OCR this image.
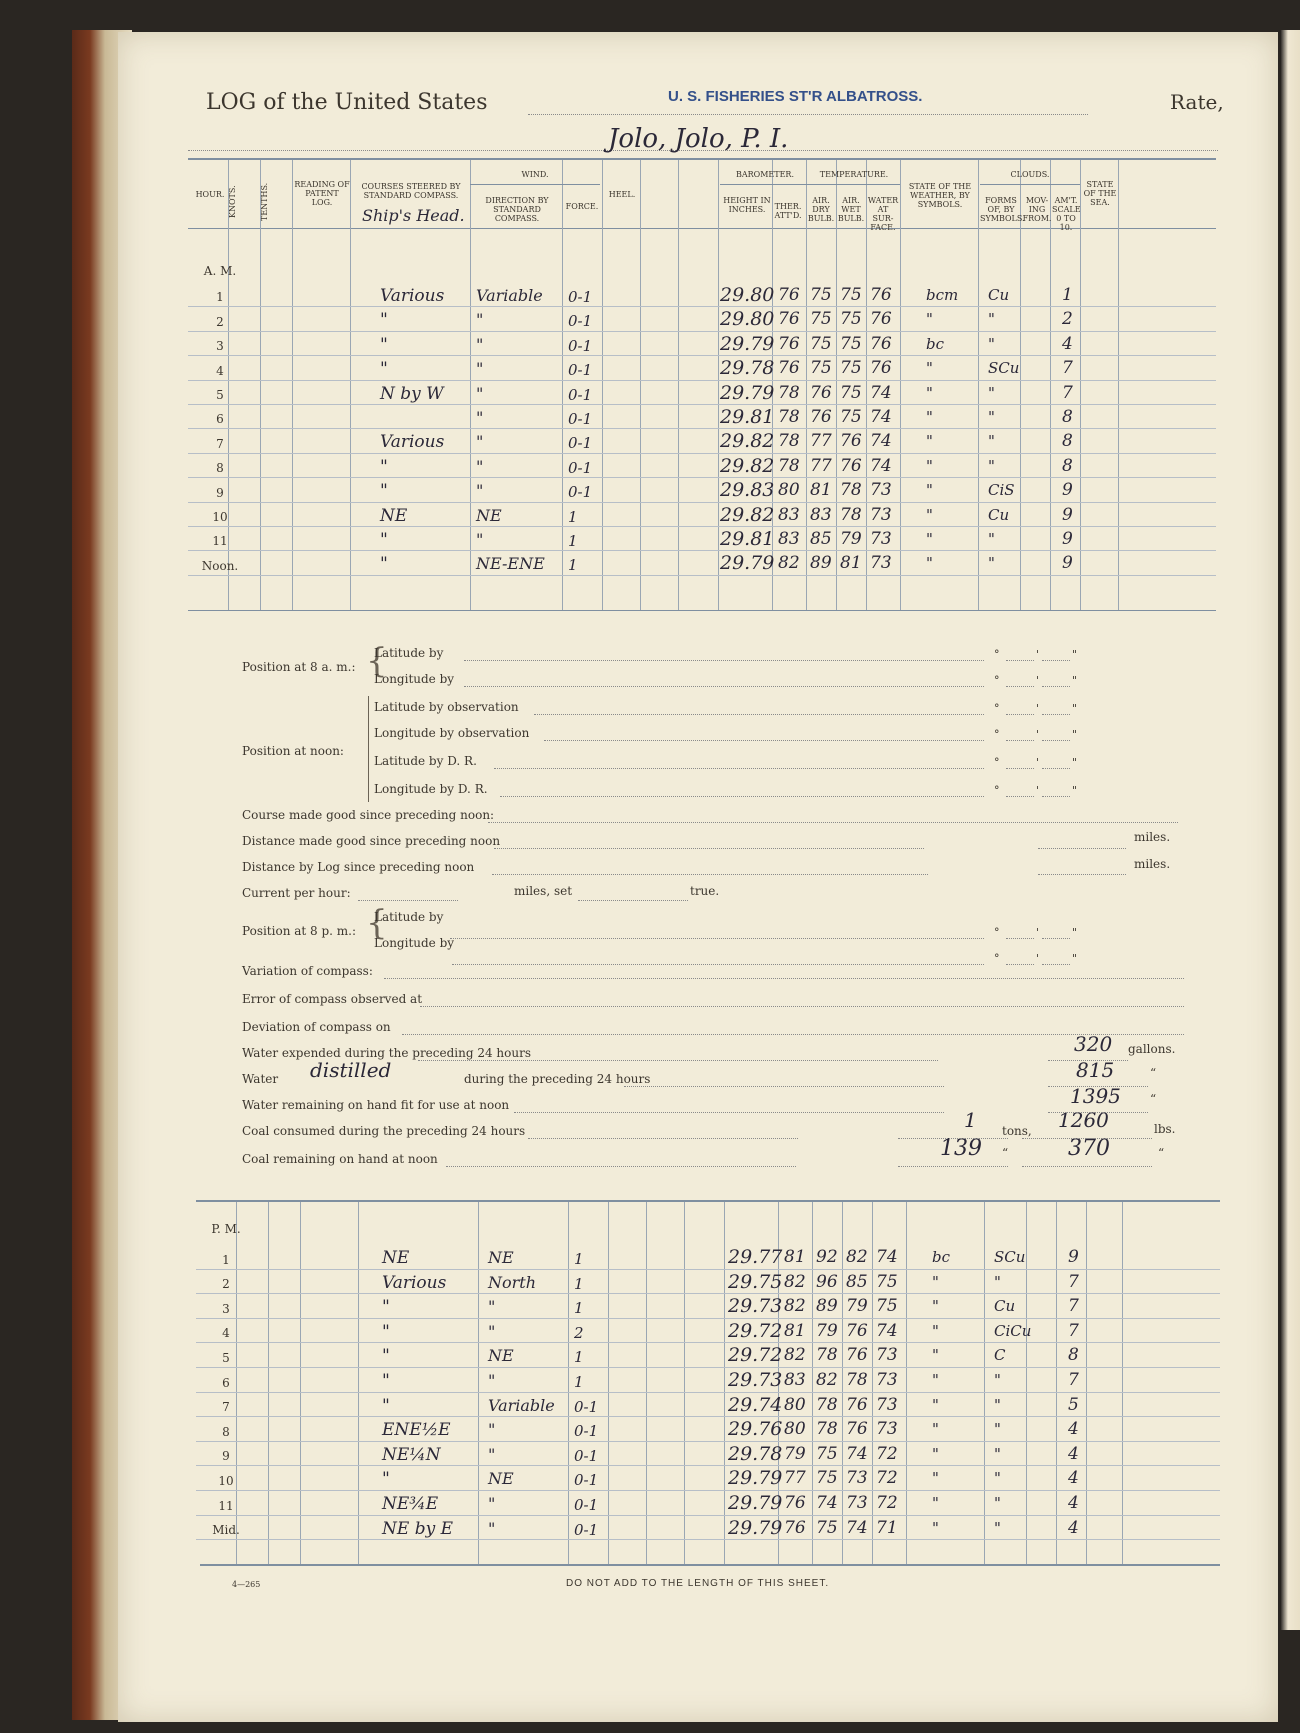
LOG of the United States	U. S. FISHERIES ST'R ALBATROSS.	Rate,
Jolo, Jolo, P. I.
HOUR. KNOTS.	TENTHS.	READING OF PATENT LOG.
COURSES STEERED BY STANDARD COMPASS.
Ship's Head.
WIND.
DIRECTION BY STANDARD COMPASS.
FORCE.
HEEL.
BAROMETER.
HEIGHT IN INCHES.	THER. ATT'D.
TEMPERATURE.
AIR. DRY BULB.
AIR. WET BULB.
WATER AT SUR-FACE.
STATE OF THE WEATHER, BY SYMBOLS.
CLOUDS.
FORMS OF, BY SYMBOLS.
MOV-ING FROM.
AM'T. SCALE 0 TO 10.
STATE OF THE SEA.
A. M.
1	Various Variable 0-1	29.80 76 75 75 76 bcm Cu	1
2	"	"	0-1	29.80 76 75 75 76 "	"	2
3	"	"	0-1	29.79 76 75 75 76 bc	"	4
4	"	"	0-1	29.78 76 75 75 76 "	SCu	7
5	N by W "	0-1	29.79 78 76 75 74 "	"	7
6	"	0-1	29.81 78 76 75 74 "	"	8
7	Various "	0-1	29.82 78 77 76 74 "	"	8
8	"	"	0-1	29.82 78 77 76 74 "	"	8
9	"	"	0-1	29.83 80 81 78 73 "	CiS	9
10	NE	NE	1	29.82 83 83 78 73 "	Cu	9
11	"	"	1	29.81 83 85 79 73 "	"	9
Noon.	"	NE-ENE 1	29.79 82 89 81 73 "	"	9
Position at 8 a. m.: {
Latitude by
Longitude by
Position at noon:
Latitude by observation
Longitude by observation
Latitude by D. R.
Longitude by D. R.
Course made good since preceding noon:
Distance made good since preceding noon	miles.
Distance by Log since preceding noon	miles.
Current per hour:	miles, set	true.
Position at 8 p. m.: {
Latitude by
Longitude by
Variation of compass:
Error of compass observed at
Deviation of compass on
Water expended during the preceding 24 hours	320 gallons.
Water distilled	during the preceding 24 hours	815	“
Water remaining on hand fit for use at noon	1395 “
Coal consumed during the preceding 24 hours	1 tons, 1260	lbs.
Coal remaining on hand at noon	139 “	370	“
°	'	"
°	'	"
°	'	"
°	'	"
°	'	"
°	'	"
°	'	"
°	'	"
P. M.
1	NE	NE	1	29.77 81 92 82 74 bc	SCu	9
2	Various	North	1	29.75 82 96 85 75 "	"	7
3	"	"	1	29.73 82 89 79 75 "	Cu	7
4	"	"	2	29.72 81 79 76 74 "	CiCu 7
5	"	NE	1	29.72 82 78 76 73 "	C	8
6	"	"	1	29.73 83 82 78 73 "	"	7
7	"	Variable 0-1	29.74 80 78 76 73 "	"	5
8	ENE½E "	0-1	29.76 80 78 76 73 "	"	4
9	NE¼N	"	0-1	29.78 79 75 74 72 "	"	4
10	"	NE	0-1	29.79 77 75 73 72 "	"	4
11	NE¾E	"	0-1	29.79 76 74 73 72 "	"	4
Mid.	NE by E "	0-1	29.79 76 75 74 71 "	"	4
4—265	DO NOT ADD TO THE LENGTH OF THIS SHEET.
